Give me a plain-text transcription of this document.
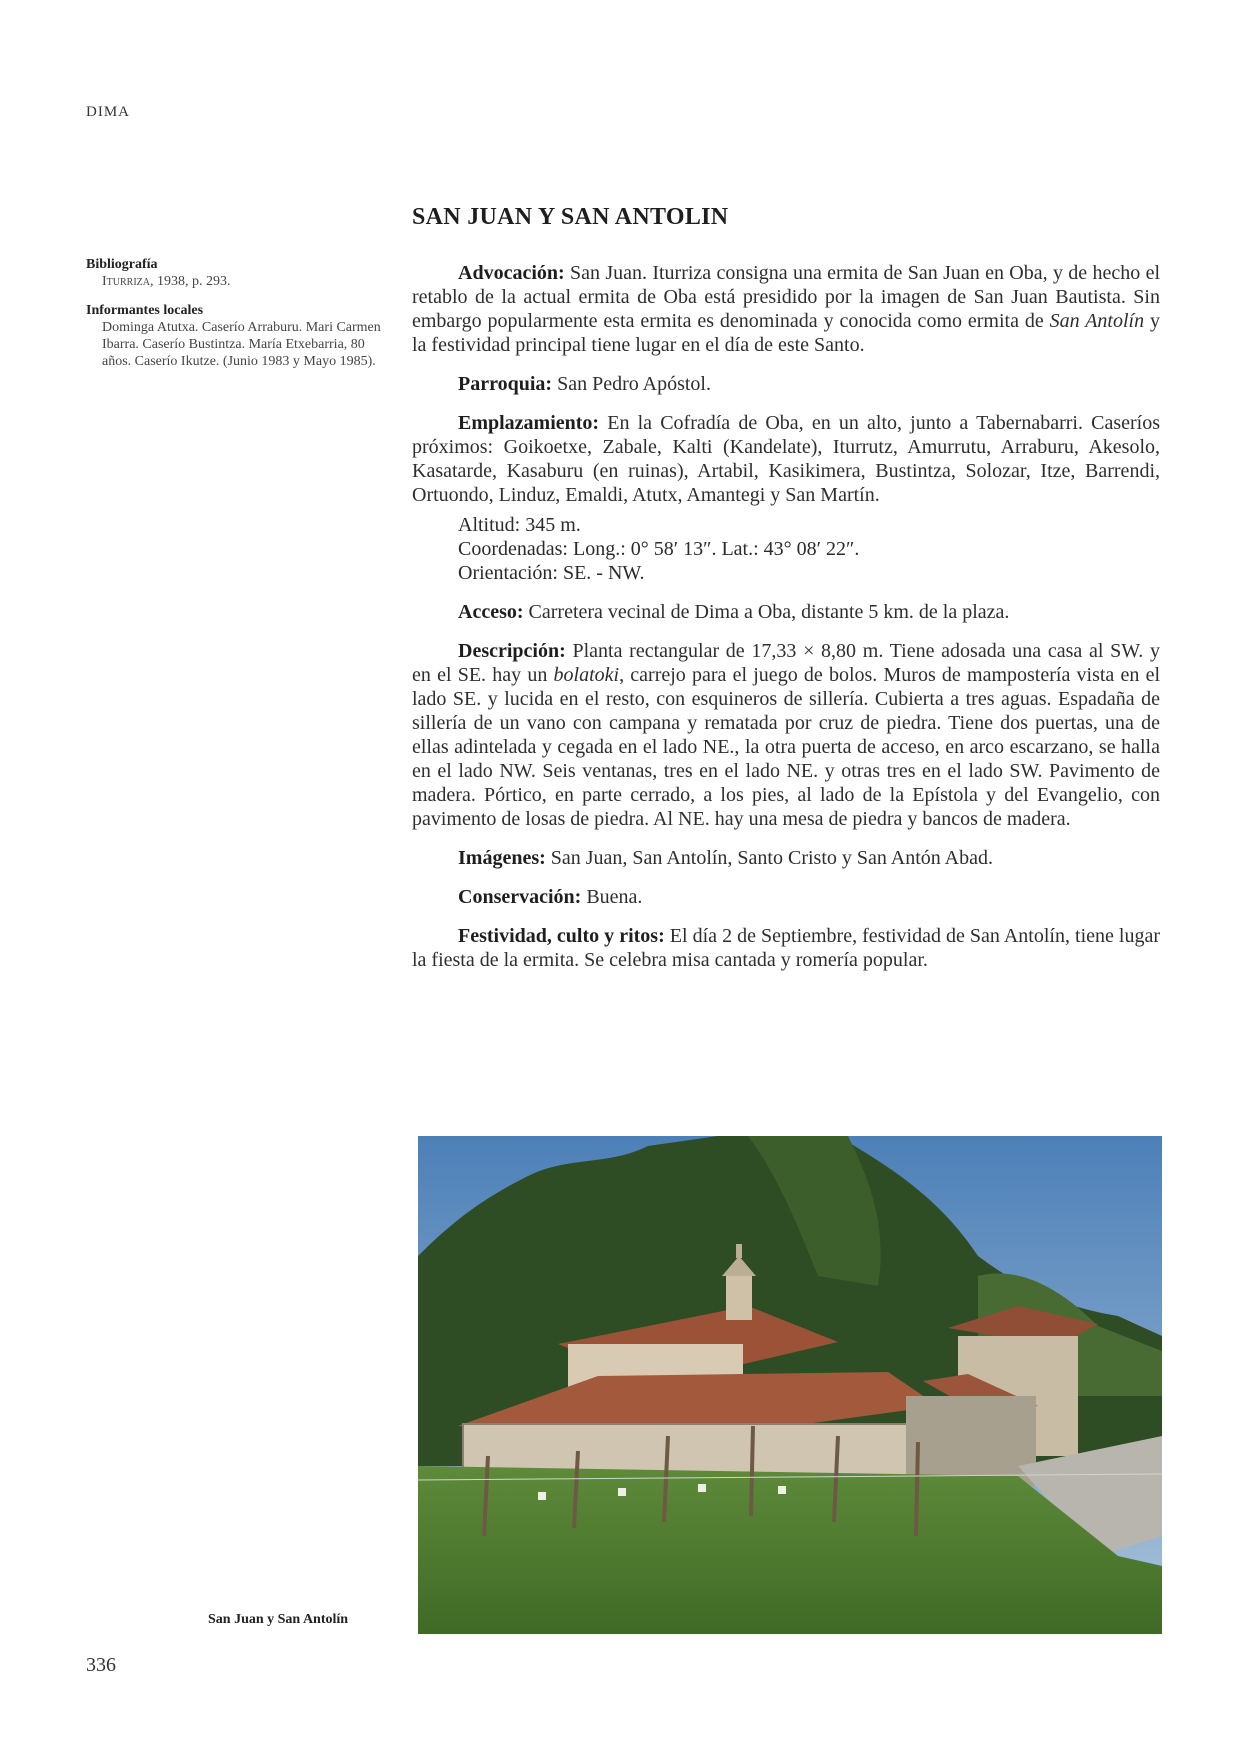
DIMA
Bibliografía
Iturriza, 1938, p. 293.
Informantes locales
Dominga Atutxa. Caserío Arraburu. Mari Carmen Ibarra. Caserío Bustintza. María Etxebarria, 80 años. Caserío Ikutze. (Junio 1983 y Mayo 1985).
SAN JUAN Y SAN ANTOLIN

Advocación: San Juan. Iturriza consigna una ermita de San Juan en Oba, y de hecho el retablo de la actual ermita de Oba está presidido por la imagen de San Juan Bautista. Sin embargo popularmente esta ermita es denominada y conocida como ermita de San Antolín y la festividad principal tiene lugar en el día de este Santo.

Parroquia: San Pedro Apóstol.

Emplazamiento: En la Cofradía de Oba, en un alto, junto a Tabernabarri. Caseríos próximos: Goikoetxe, Zabale, Kalti (Kandelate), Iturrutz, Amurrutu, Arraburu, Akesolo, Kasatarde, Kasaburu (en ruinas), Artabil, Kasikimera, Bustintza, Solozar, Itze, Barrendi, Ortuondo, Linduz, Emaldi, Atutx, Amantegi y San Martín.

Altitud: 345 m.
Coordenadas: Long.: 0° 58′ 13″. Lat.: 43° 08′ 22″.
Orientación: SE. - NW.

Acceso: Carretera vecinal de Dima a Oba, distante 5 km. de la plaza.

Descripción: Planta rectangular de 17,33 × 8,80 m. Tiene adosada una casa al SW. y en el SE. hay un bolatoki, carrejo para el juego de bolos. Muros de mampostería vista en el lado SE. y lucida en el resto, con esquineros de sillería. Cubierta a tres aguas. Espadaña de sillería de un vano con campana y rematada por cruz de piedra. Tiene dos puertas, una de ellas adintelada y cegada en el lado NE., la otra puerta de acceso, en arco escarzano, se halla en el lado NW. Seis ventanas, tres en el lado NE. y otras tres en el lado SW. Pavimento de madera. Pórtico, en parte cerrado, a los pies, al lado de la Epístola y del Evangelio, con pavimento de losas de piedra. Al NE. hay una mesa de piedra y bancos de madera.

Imágenes: San Juan, San Antolín, Santo Cristo y San Antón Abad.

Conservación: Buena.

Festividad, culto y ritos: El día 2 de Septiembre, festividad de San Antolín, tiene lugar la fiesta de la ermita. Se celebra misa cantada y romería popular.

San Juan y San Antolín
336
